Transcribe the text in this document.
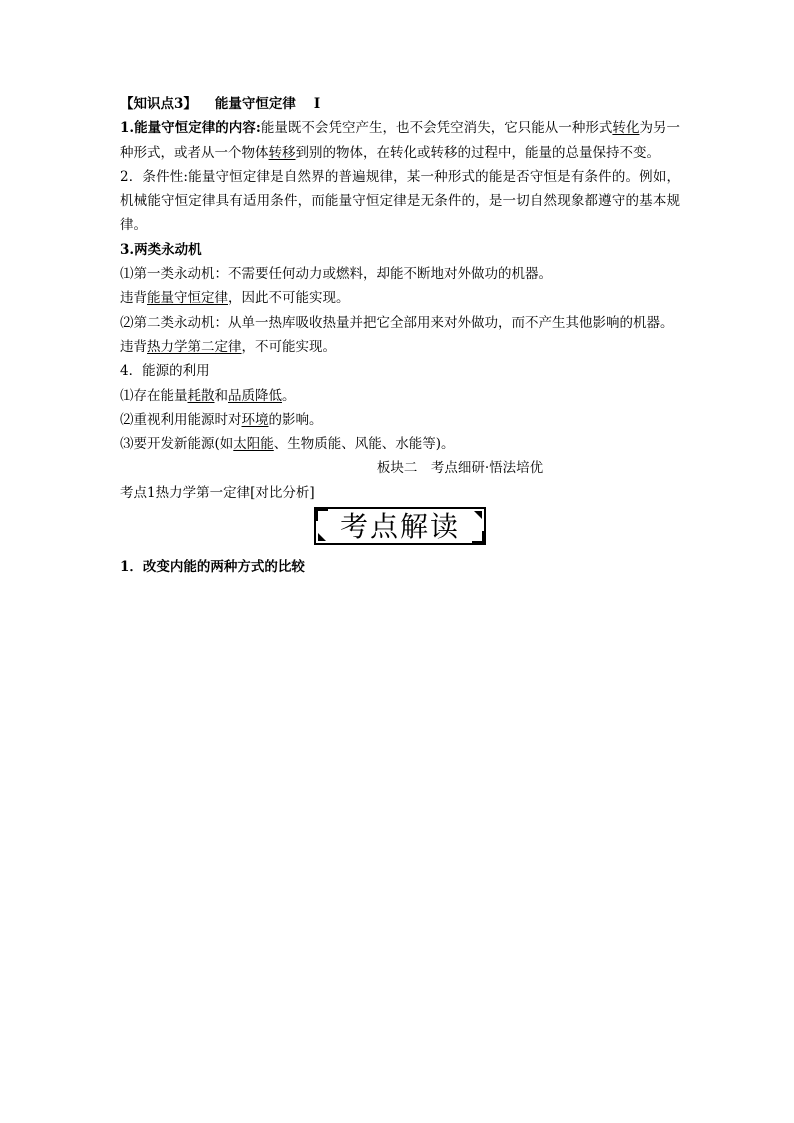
【知识点3】 能量守恒定律 Ⅰ

1.能量守恒定律的内容:能量既不会凭空产生，也不会凭空消失，它只能从一种形式转化为另一种形式，或者从一个物体转移到别的物体，在转化或转移的过程中，能量的总量保持不变。

2．条件性:能量守恒定律是自然界的普遍规律，某一种形式的能是否守恒是有条件的。例如，机械能守恒定律具有适用条件，而能量守恒定律是无条件的，是一切自然现象都遵守的基本规律。

3.两类永动机

⑴第一类永动机：不需要任何动力或燃料，却能不断地对外做功的机器。

违背能量守恒定律，因此不可能实现。

⑵第二类永动机：从单一热库吸收热量并把它全部用来对外做功，而不产生其他影响的机器。

违背热力学第二定律，不可能实现。

4．能源的利用

⑴存在能量耗散和品质降低。

⑵重视利用能源时对环境的影响。

⑶要开发新能源(如太阳能、生物质能、风能、水能等)。

板块二　考点细研·悟法培优

考点1热力学第一定律[对比分析]

考点解读

1．改变内能的两种方式的比较
